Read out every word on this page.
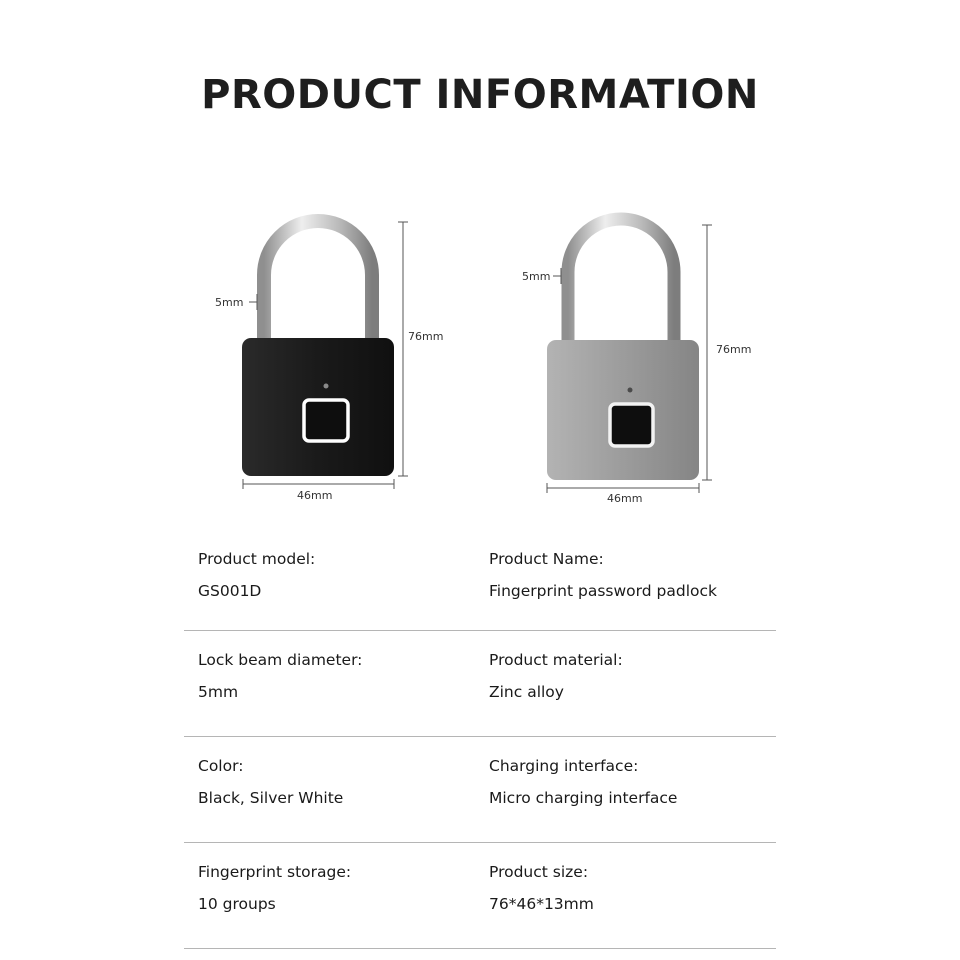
PRODUCT INFORMATION
76mm
46mm
5mm
76mm
46mm
5mm

Product model:

GS001D

Product Name:

Fingerprint password padlock

Lock beam diameter:

5mm

Product material:

Zinc alloy

Color:

Black, Silver White

Charging interface:

Micro charging interface

Fingerprint storage:

10 groups

Product size:

76*46*13mm
